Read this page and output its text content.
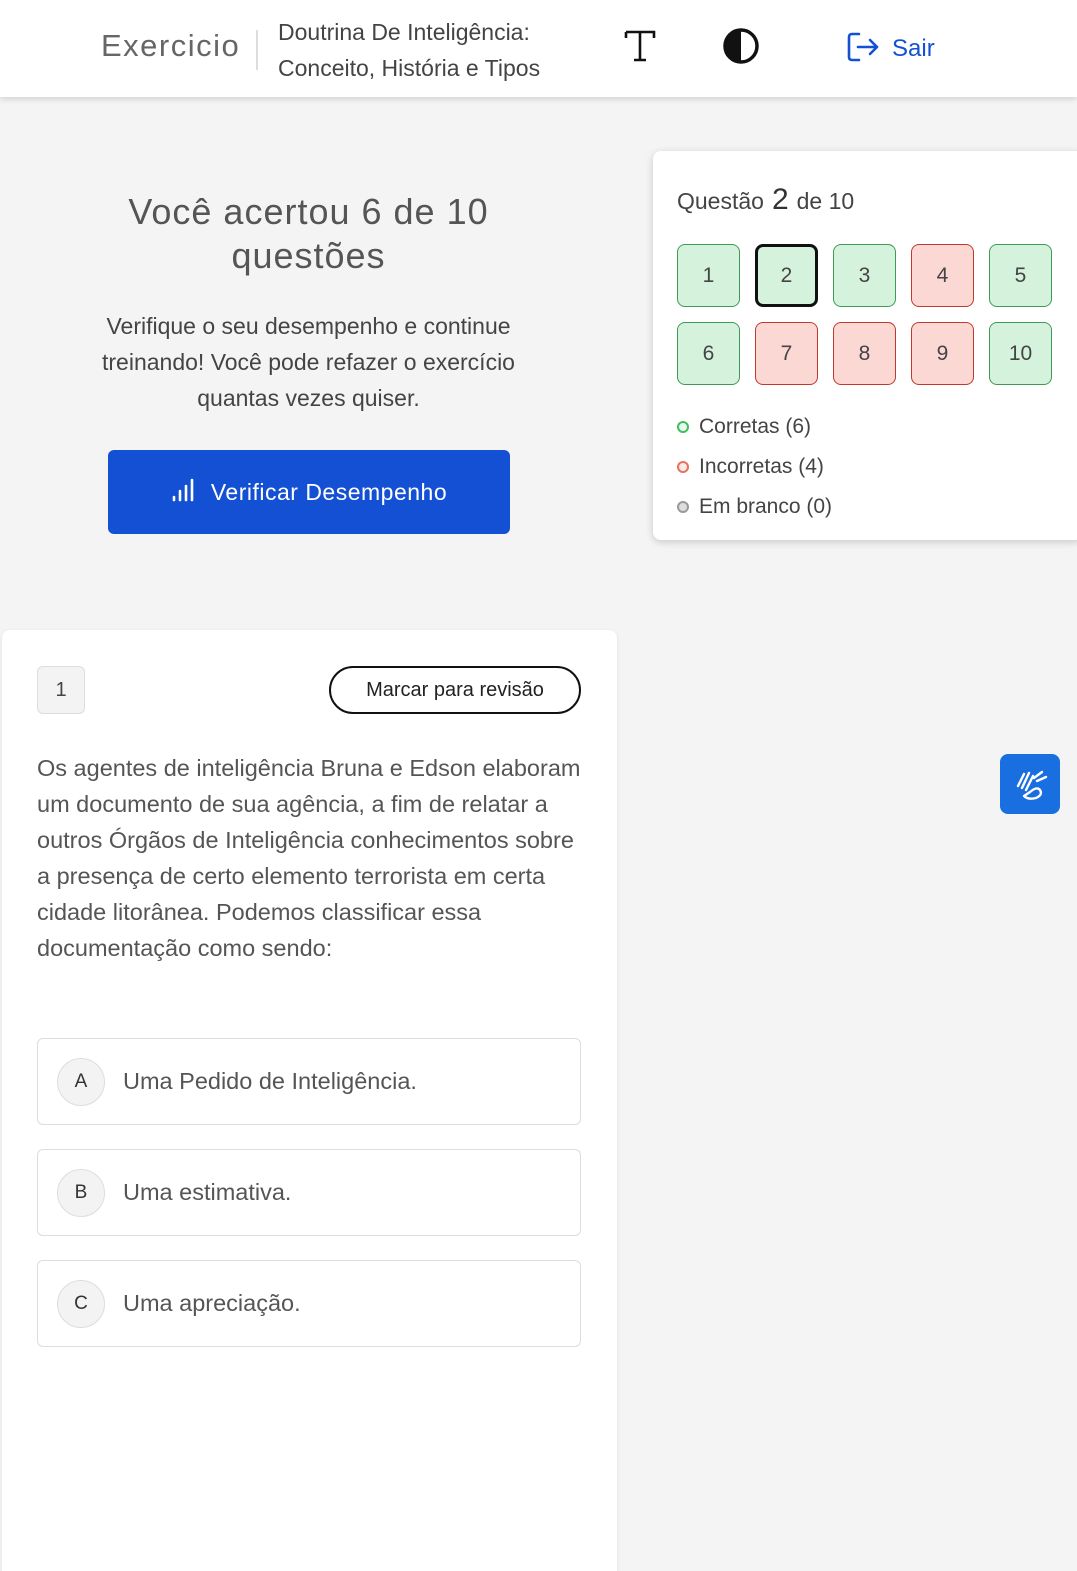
Exercicio Doutrina De Inteligência: Conceito, História e Tipos
Sair
Você acertou 6 de 10 questões
Verifique o seu desempenho e continue treinando! Você pode refazer o exercício quantas vezes quiser.
Verificar Desempenho
Questão 2 de 10
1	2	3	4	5
6	7	8	9	10
Corretas (6)
Incorretas (4)
Em branco (0)
1	Marcar para revisão
Os agentes de inteligência Bruna e Edson elaboram um documento de sua agência, a fim de relatar a outros Órgãos de Inteligência conhecimentos sobre a presença de certo elemento terrorista em certa cidade litorânea. Podemos classificar essa documentação como sendo:
A	Uma Pedido de Inteligência.
B	Uma estimativa.
C	Uma apreciação.
